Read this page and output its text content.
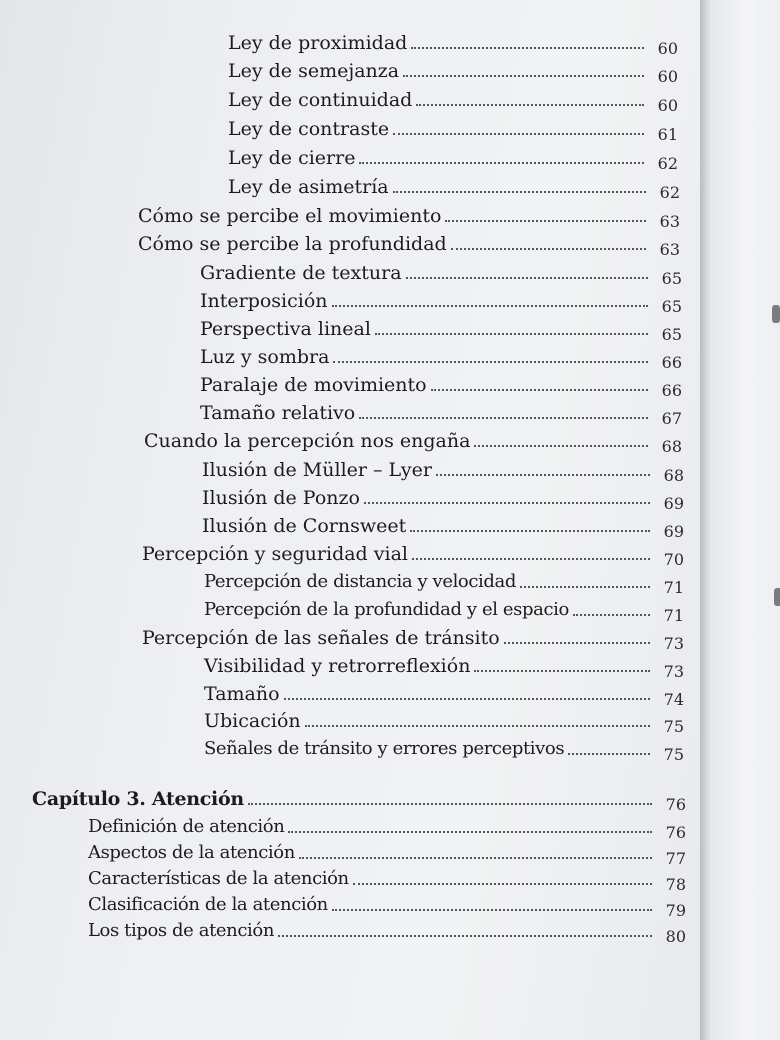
Ley de proximidad	60
Ley de semejanza	60
Ley de continuidad	60
Ley de contraste	61
Ley de cierre	62
Ley de asimetría	62
Cómo se percibe el movimiento	63
Cómo se percibe la profundidad	63
Gradiente de textura	65
Interposición	65
Perspectiva lineal	65
Luz y sombra	66
Paralaje de movimiento	66
Tamaño relativo	67
Cuando la percepción nos engaña	68
Ilusión de Müller – Lyer	68
Ilusión de Ponzo	69
Ilusión de Cornsweet	69
Percepción y seguridad vial	70
Percepción de distancia y velocidad	71
Percepción de la profundidad y el espacio	71
Percepción de las señales de tránsito	73
Visibilidad y retrorreflexión	73
Tamaño	74
Ubicación	75
Señales de tránsito y errores perceptivos	75
Capítulo 3. Atención	76
Definición de atención	76
Aspectos de la atención	77
Características de la atención	78
Clasificación de la atención	79
Los tipos de atención	80
